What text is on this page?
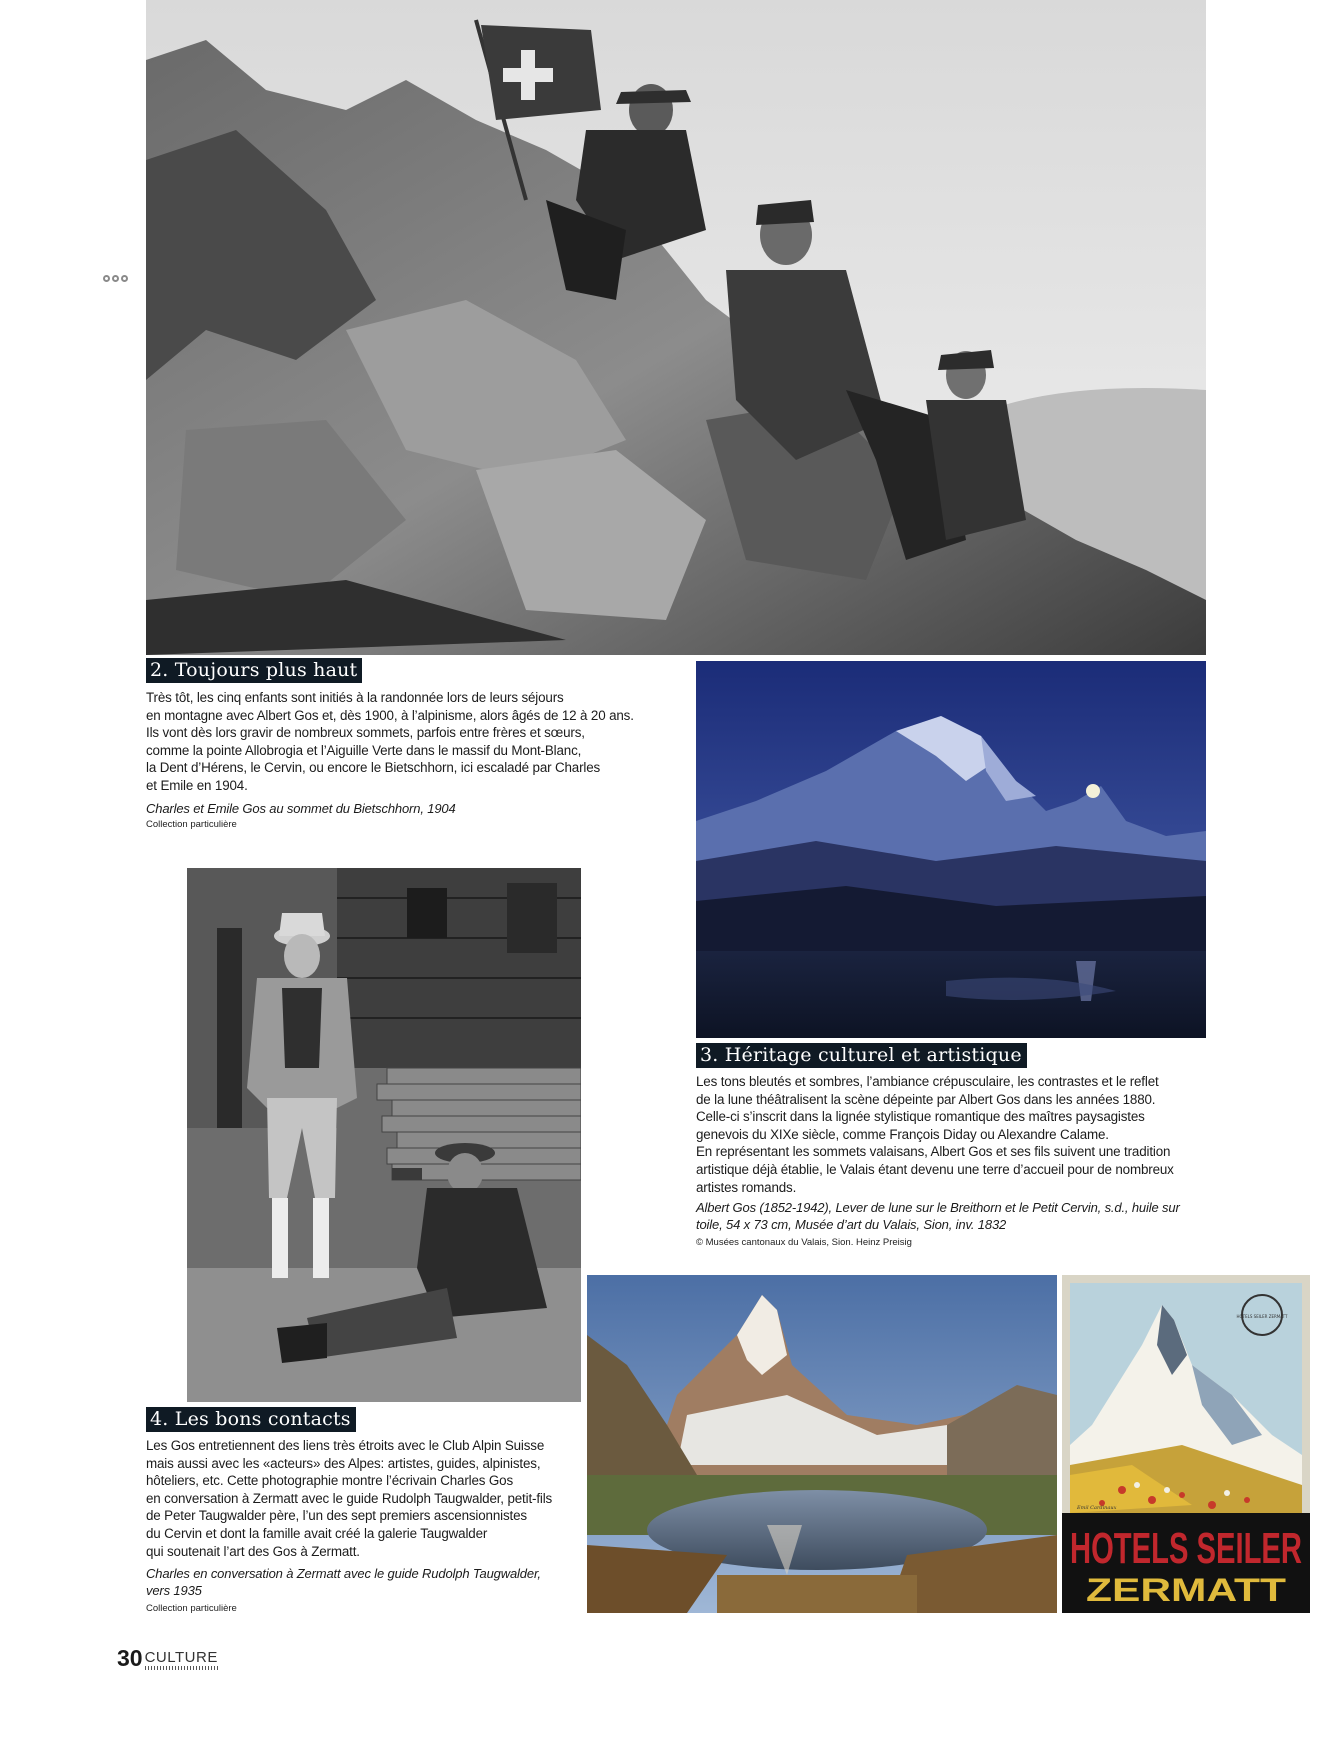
2. Toujours plus haut
Très tôt, les cinq enfants sont initiés à la randonnée lors de leurs séjours
en montagne avec Albert Gos et, dès 1900, à l’alpinisme, alors âgés de 12 à 20 ans.
Ils vont dès lors gravir de nombreux sommets, parfois entre frères et sœurs,
comme la pointe Allobrogia et l’Aiguille Verte dans le massif du Mont-Blanc,
la Dent d’Hérens, le Cervin, ou encore le Bietschhorn, ici escaladé par Charles
et Emile en 1904.
Charles et Emile Gos au sommet du Bietschhorn, 1904
Collection particulière
3. Héritage culturel et artistique
Les tons bleutés et sombres, l’ambiance crépusculaire, les contrastes et le reflet
de la lune théâtralisent la scène dépeinte par Albert Gos dans les années 1880.
Celle-ci s’inscrit dans la lignée stylistique romantique des maîtres paysagistes
genevois du XIXe siècle, comme François Diday ou Alexandre Calame.
En représentant les sommets valaisans, Albert Gos et ses fils suivent une tradition
artistique déjà établie, le Valais étant devenu une terre d’accueil pour de nombreux
artistes romands.
Albert Gos (1852-1942), Lever de lune sur le Breithorn et le Petit Cervin, s.d., huile sur
toile, 54 x 73 cm, Musée d’art du Valais, Sion, inv. 1832
© Musées cantonaux du Valais, Sion. Heinz Preisig
4. Les bons contacts
Les Gos entretiennent des liens très étroits avec le Club Alpin Suisse
mais aussi avec les «acteurs» des Alpes: artistes, guides, alpinistes,
hôteliers, etc. Cette photographie montre l’écrivain Charles Gos
en conversation à Zermatt avec le guide Rudolph Taugwalder, petit-fils
de Peter Taugwalder père, l’un des sept premiers ascensionnistes
du Cervin et dont la famille avait créé la galerie Taugwalder
qui soutenait l’art des Gos à Zermatt.
Charles en conversation à Zermatt avec le guide Rudolph Taugwalder,
vers 1935
Collection particulière
HOTELS SEILER ZERMATT
Emil Cardinaux
HOTELS SEILER
ZERMATT
30 CULTURE
